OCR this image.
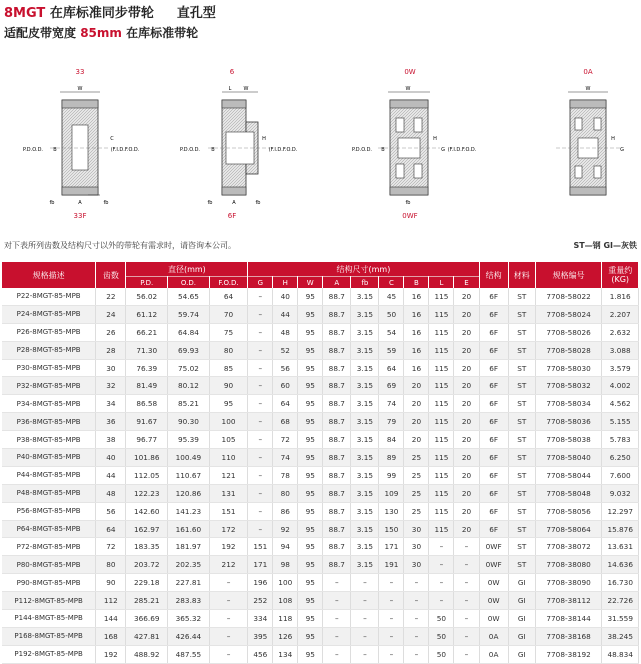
8MGT 在库标准同步带轮 直孔型
适配皮带宽度 85mm 在库标准带轮
33
W
P.D.O.D. B	(F.I.D.F.O.D.
C
fb	A	fb
33F
6
L W
P.D.O.D. B
H
(F.I.D.F.O.D.
fb	A	fb
6F
0W
W
P.D.O.D. B
H
G (F.I.D.F.O.D.
fb
0WF
0A
W
H
G
对下表所列齿数及结构尺寸以外的带轮有需求时，请咨询本公司。	ST—钢 GI—灰铁
规格描述	齿数	直径(mm)			结构尺寸(mm)									结构	材料	规格编号	重量约
(KG)
		P.D.	O.D.	F.O.D.	G	H	W	A	fb	C	B	L	E				
P22-8MGT-85-MPB	22	56.02	54.65	64	–	40	95	88.7	3.15	45	16	115	20	6F	ST	7708-58022	1.816
P24-8MGT-85-MPB	24	61.12	59.74	70	–	44	95	88.7	3.15	50	16	115	20	6F	ST	7708-58024	2.207
P26-8MGT-85-MPB	26	66.21	64.84	75	–	48	95	88.7	3.15	54	16	115	20	6F	ST	7708-58026	2.632
P28-8MGT-85-MPB	28	71.30	69.93	80	–	52	95	88.7	3.15	59	16	115	20	6F	ST	7708-58028	3.088
P30-8MGT-85-MPB	30	76.39	75.02	85	–	56	95	88.7	3.15	64	16	115	20	6F	ST	7708-58030	3.579
P32-8MGT-85-MPB	32	81.49	80.12	90	–	60	95	88.7	3.15	69	20	115	20	6F	ST	7708-58032	4.002
P34-8MGT-85-MPB	34	86.58	85.21	95	–	64	95	88.7	3.15	74	20	115	20	6F	ST	7708-58034	4.562
P36-8MGT-85-MPB	36	91.67	90.30	100	–	68	95	88.7	3.15	79	20	115	20	6F	ST	7708-58036	5.155
P38-8MGT-85-MPB	38	96.77	95.39	105	–	72	95	88.7	3.15	84	20	115	20	6F	ST	7708-58038	5.783
P40-8MGT-85-MPB	40	101.86	100.49	110	–	74	95	88.7	3.15	89	25	115	20	6F	ST	7708-58040	6.250
P44-8MGT-85-MPB	44	112.05	110.67	121	–	78	95	88.7	3.15	99	25	115	20	6F	ST	7708-58044	7.600
P48-8MGT-85-MPB	48	122.23	120.86	131	–	80	95	88.7	3.15	109	25	115	20	6F	ST	7708-58048	9.032
P56-8MGT-85-MPB	56	142.60	141.23	151	–	86	95	88.7	3.15	130	25	115	20	6F	ST	7708-58056	12.297
P64-8MGT-85-MPB	64	162.97	161.60	172	–	92	95	88.7	3.15	150	30	115	20	6F	ST	7708-58064	15.876
P72-8MGT-85-MPB	72	183.35	181.97	192	151	94	95	88.7	3.15	171	30	–	–	0WF	ST	7708-38072	13.631
P80-8MGT-85-MPB	80	203.72	202.35	212	171	98	95	88.7	3.15	191	30	–	–	0WF	ST	7708-38080	14.636
P90-8MGT-85-MPB	90	229.18	227.81	–	196	100	95	–	–	–	–	–	–	0W	GI	7708-38090	16.730
P112-8MGT-85-MPB	112	285.21	283.83	–	252	108	95	–	–	–	–	–	–	0W	GI	7708-38112	22.726
P144-8MGT-85-MPB	144	366.69	365.32	–	334	118	95	–	–	–	–	50	–	0W	GI	7708-38144	31.559
P168-8MGT-85-MPB	168	427.81	426.44	–	395	126	95	–	–	–	–	50	–	0A	GI	7708-38168	38.245
P192-8MGT-85-MPB	192	488.92	487.55	–	456	134	95	–	–	–	–	50	–	0A	GI	7708-38192	48.834
